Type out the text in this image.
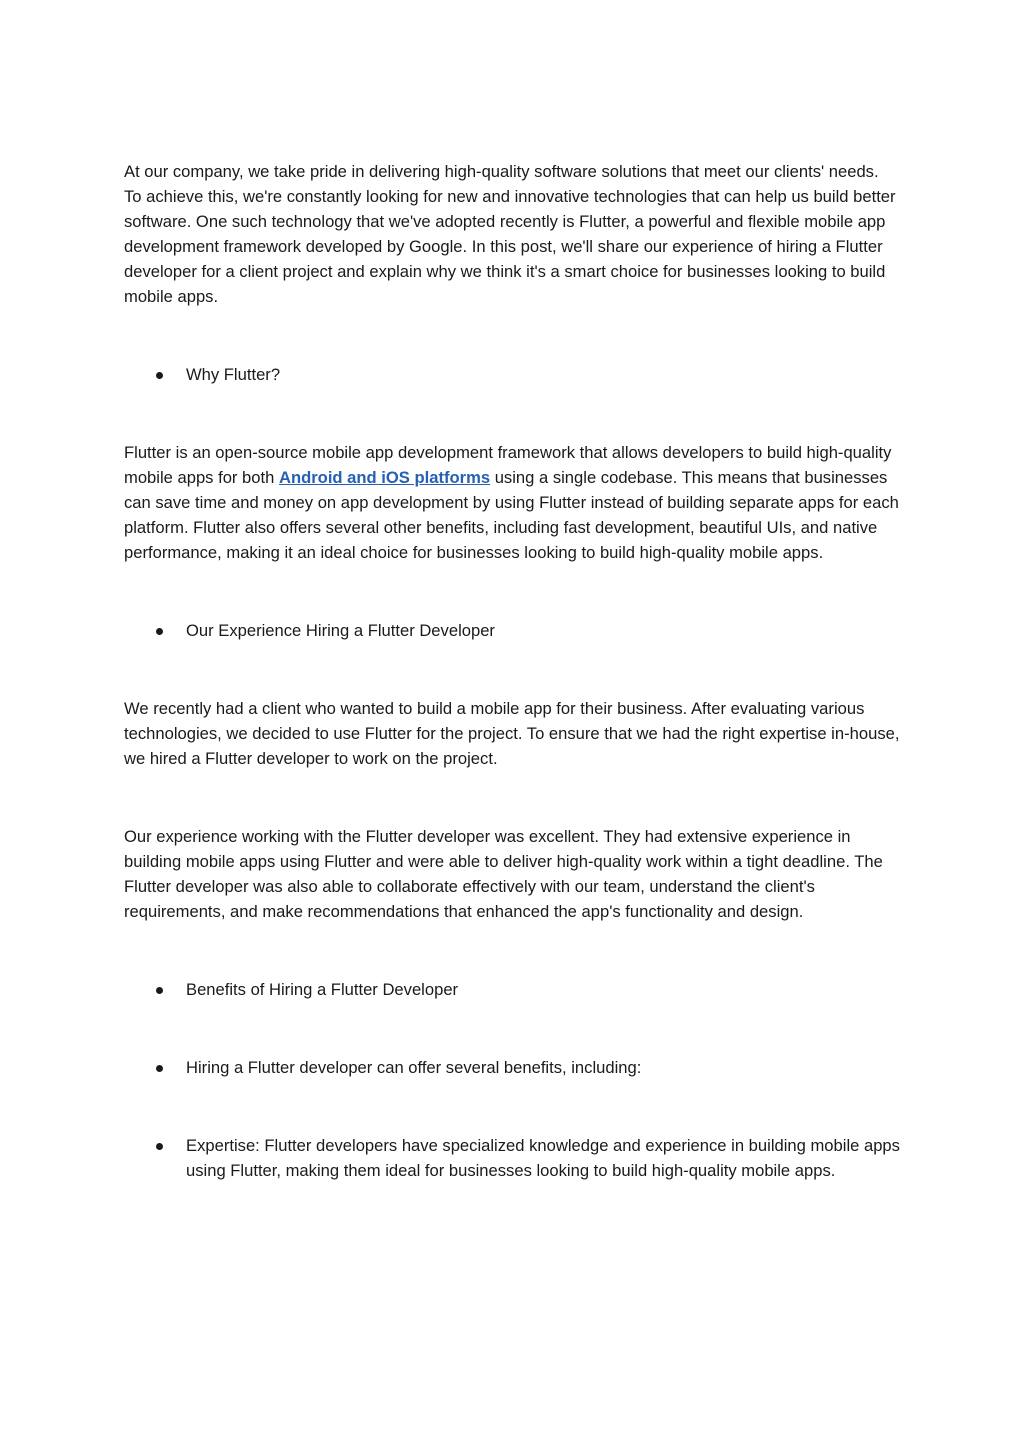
At our company, we take pride in delivering high-quality software solutions that meet our clients' needs. To achieve this, we're constantly looking for new and innovative technologies that can help us build better software. One such technology that we've adopted recently is Flutter, a powerful and flexible mobile app development framework developed by Google. In this post, we'll share our experience of hiring a Flutter developer for a client project and explain why we think it's a smart choice for businesses looking to build mobile apps.

Why Flutter?

Flutter is an open-source mobile app development framework that allows developers to build high-quality mobile apps for both Android and iOS platforms using a single codebase. This means that businesses can save time and money on app development by using Flutter instead of building separate apps for each platform. Flutter also offers several other benefits, including fast development, beautiful UIs, and native performance, making it an ideal choice for businesses looking to build high-quality mobile apps.

Our Experience Hiring a Flutter Developer

We recently had a client who wanted to build a mobile app for their business. After evaluating various technologies, we decided to use Flutter for the project. To ensure that we had the right expertise in-house, we hired a Flutter developer to work on the project.

Our experience working with the Flutter developer was excellent. They had extensive experience in building mobile apps using Flutter and were able to deliver high-quality work within a tight deadline. The Flutter developer was also able to collaborate effectively with our team, understand the client's requirements, and make recommendations that enhanced the app's functionality and design.

Benefits of Hiring a Flutter Developer
Hiring a Flutter developer can offer several benefits, including:
Expertise: Flutter developers have specialized knowledge and experience in building mobile apps using Flutter, making them ideal for businesses looking to build high-quality mobile apps.
